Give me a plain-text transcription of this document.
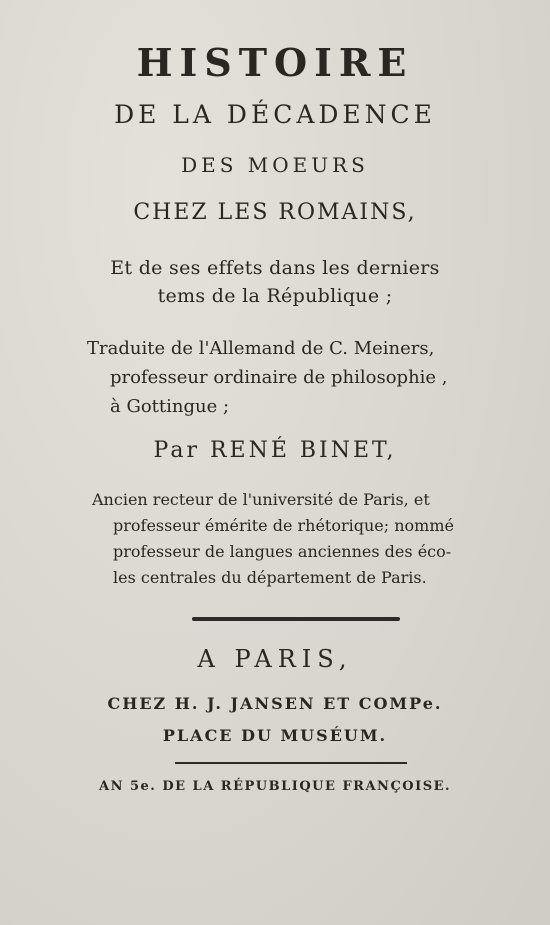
HISTOIRE
DE LA DÉCADENCE
DES MOEURS
CHEZ LES ROMAINS,
Et de ses effets dans les derniers
tems de la République ;
Traduite de l'Allemand de C. Meiners,
professeur ordinaire de philosophie ,
à Gottingue ;
Par RENÉ BINET,
Ancien recteur de l'université de Paris, et
professeur émérite de rhétorique; nommé
professeur de langues anciennes des éco-
les centrales du département de Paris.
A PARIS,
CHEZ H. J. JANSEN ET COMPe.
PLACE DU MUSÉUM.
AN 5e. DE LA RÉPUBLIQUE FRANÇOISE.
